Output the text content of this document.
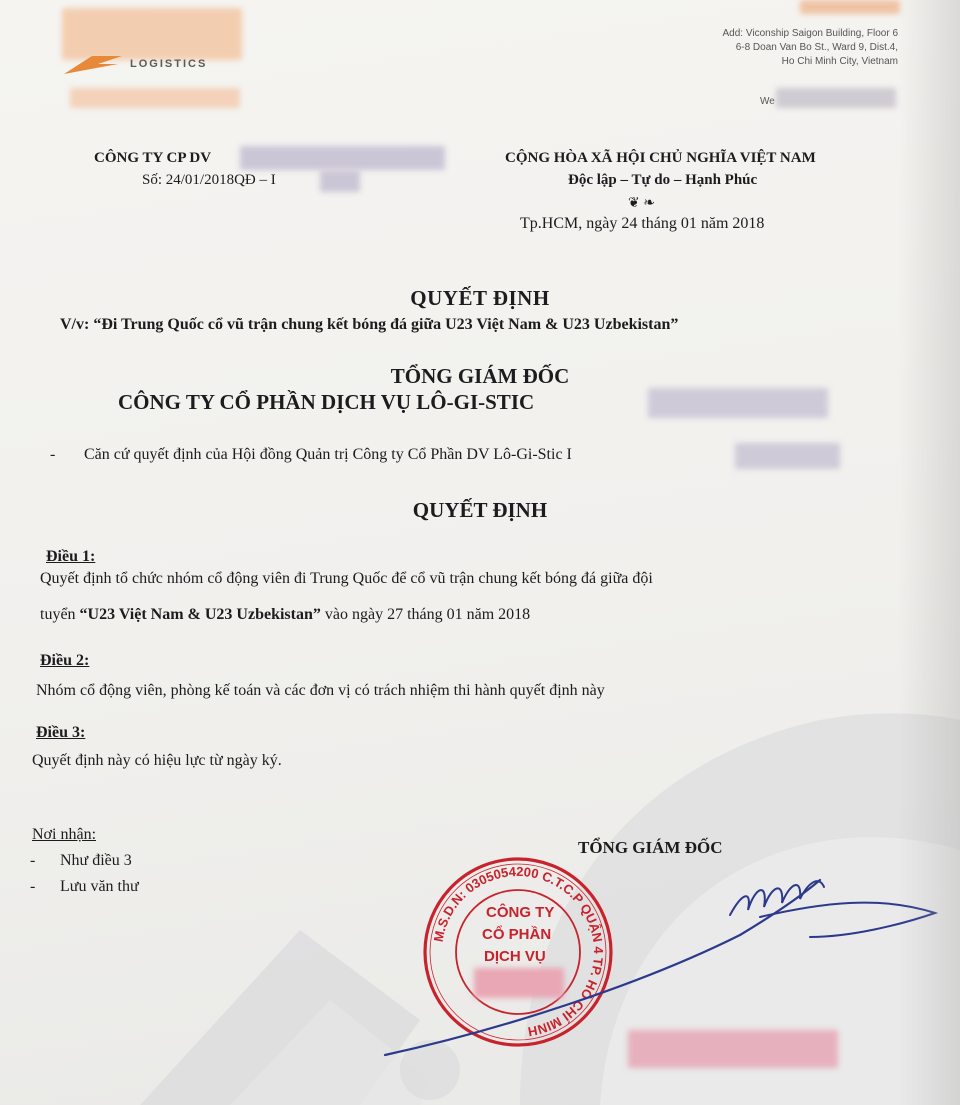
LOGISTICS
Add: Viconship Saigon Building, Floor 6
6-8 Doan Van Bo St., Ward 9, Dist.4,
Ho Chi Minh City, Vietnam
We
CÔNG TY CP DV
Số: 24/01/2018QĐ – I
CỘNG HÒA XÃ HỘI CHỦ NGHĨA VIỆT NAM
Độc lập – Tự do – Hạnh Phúc
❦ ❧
Tp.HCM, ngày 24 tháng 01 năm 2018
QUYẾT ĐỊNH
V/v: “Đi Trung Quốc cổ vũ trận chung kết bóng đá giữa U23 Việt Nam & U23 Uzbekistan”
TỔNG GIÁM ĐỐC
CÔNG TY CỔ PHẦN DỊCH VỤ LÔ-GI-STIC
- Căn cứ quyết định của Hội đồng Quản trị Công ty Cổ Phần DV Lô-Gi-Stic I
QUYẾT ĐỊNH
Điều 1:
Quyết định tổ chức nhóm cổ động viên đi Trung Quốc để cổ vũ trận chung kết bóng đá giữa đội
tuyển “U23 Việt Nam & U23 Uzbekistan” vào ngày 27 tháng 01 năm 2018
Điều 2:
Nhóm cổ động viên, phòng kế toán và các đơn vị có trách nhiệm thi hành quyết định này
Điều 3:
Quyết định này có hiệu lực từ ngày ký.
Nơi nhận:
- Như điều 3
- Lưu văn thư
TỔNG GIÁM ĐỐC
M.S.D.N: 0305054200 C.T.C.P QUẬN 4 TP. HỒ CHÍ MINH
CÔNG TY
CỔ PHẦN
DỊCH VỤ
